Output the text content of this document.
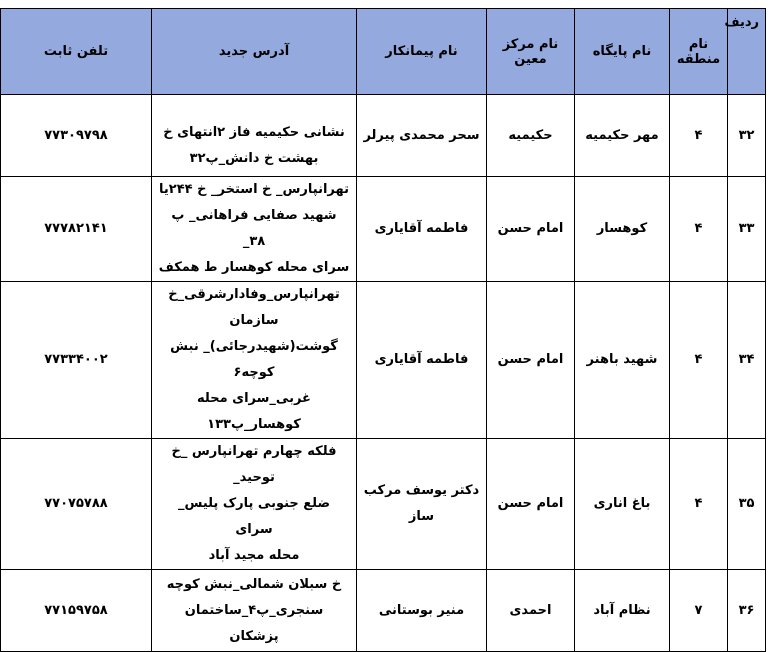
ردیف	نام منطقه	نام پایگاه	نام مرکز معین	نام پیمانکار	آدرس جدید	تلفن ثابت
۳۲	۴	مهر حکیمیه	حکیمیه	سحر محمدی پیرلر	نشانی حکیمیه فاز ۲انتهای خ
بهشت خ دانش_پ۳۲	۷۷۳۰۹۷۹۸
۳۳	۴	کوهسار	امام حسن	فاطمه آقایاری	تهرانپارس_ خ استخر_ خ ۲۴۴یا
شهید صفایی فراهانی_ پ ۳۸_
سرای محله کوهسار ط همکف	۷۷۷۸۲۱۴۱
۳۴	۴	شهید باهنر	امام حسن	فاطمه آقایاری	تهرانپارس_وفادارشرقی_خ سازمان
گوشت(شهیدرجائی)_ نبش کوچه۶
غربی_سرای محله کوهسار_پ۱۳۳	۷۷۳۳۴۰۰۲
۳۵	۴	باغ اناری	امام حسن	دکتر یوسف مرکب ساز	فلکه چهارم تهرانپارس _خ توحید_
ضلع جنوبی پارک پلیس_ سرای
محله مجید آباد	۷۷۰۷۵۷۸۸
۳۶	۷	نظام آباد	احمدی	منیر بوستانی	خ سبلان شمالی_نبش کوچه
سنجری_پ۴_ساختمان پزشکان	۷۷۱۵۹۷۵۸
